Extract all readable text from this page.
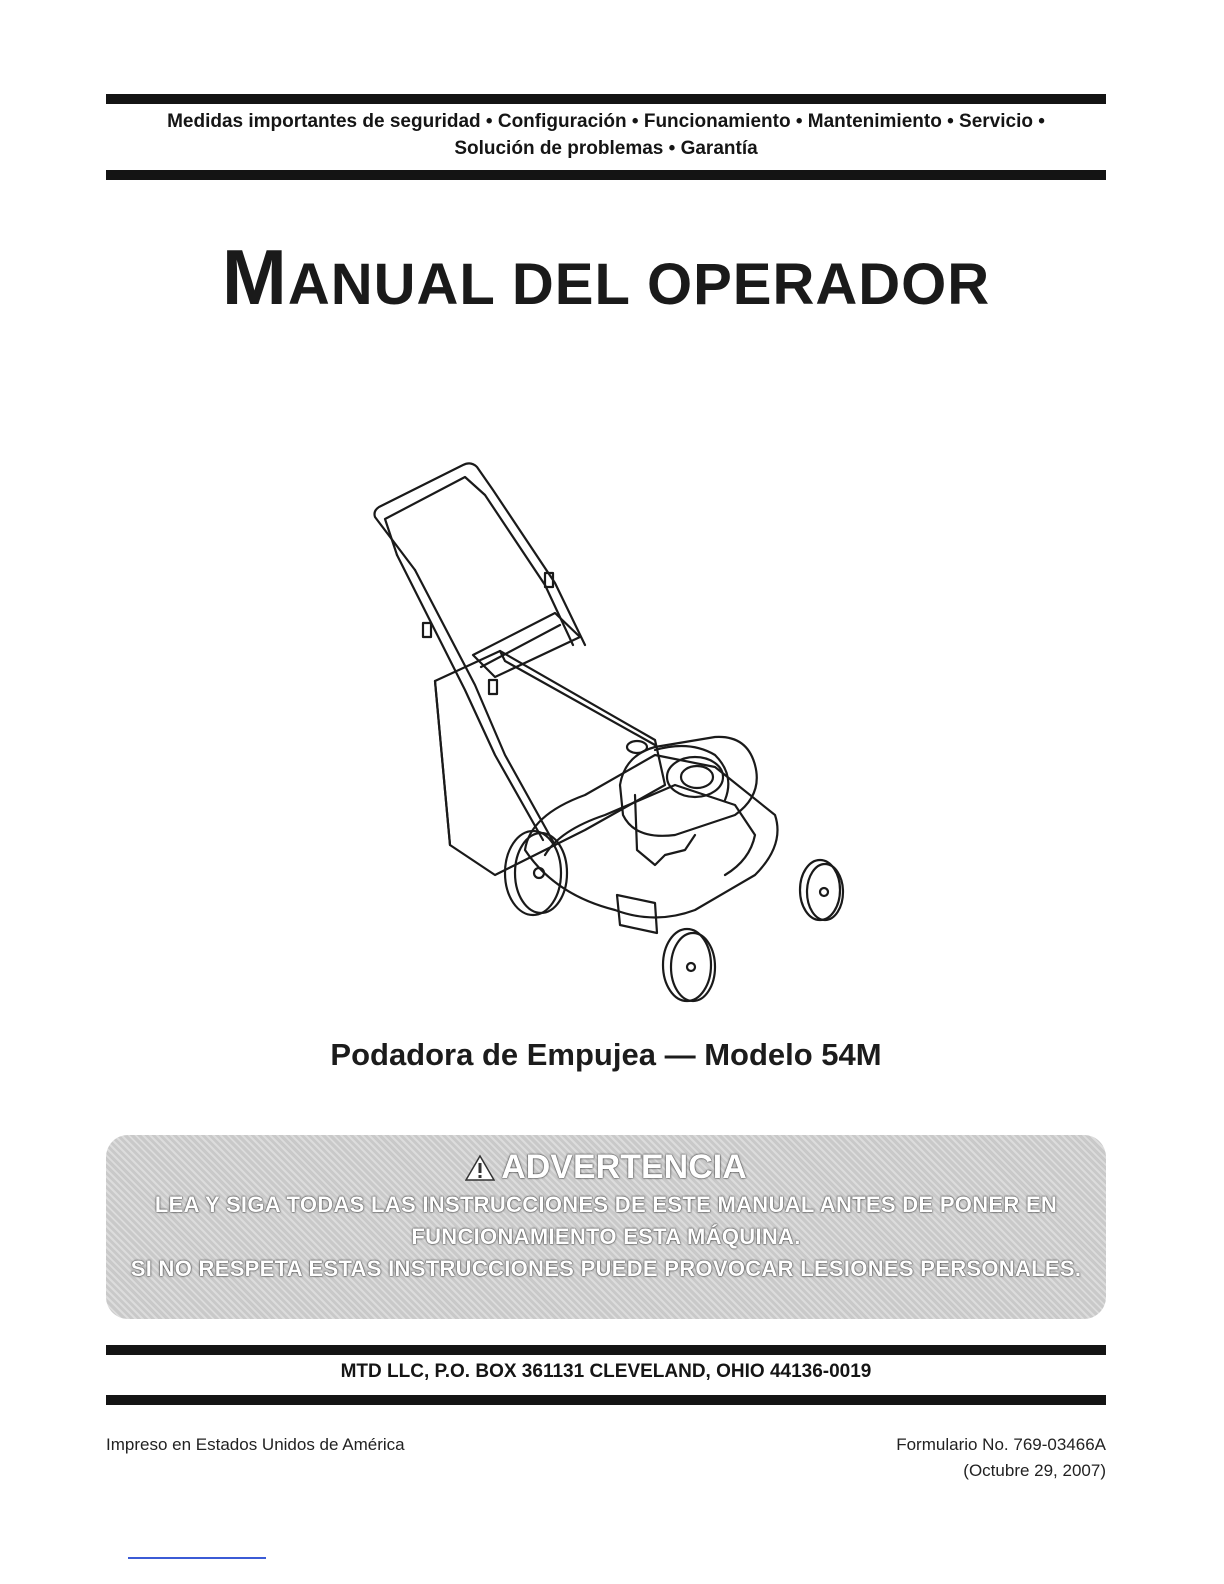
Medidas importantes de seguridad • Configuración • Funcionamiento • Mantenimiento • Servicio •
Solución de problemas • Garantía
MANUAL DEL OPERADOR
Podadora de Empujea — Modelo 54M
ADVERTENCIA
LEA Y SIGA TODAS LAS INSTRUCCIONES DE ESTE MANUAL ANTES DE PONER EN
FUNCIONAMIENTO ESTA MÁQUINA.
SI NO RESPETA ESTAS INSTRUCCIONES PUEDE PROVOCAR LESIONES PERSONALES.
MTD LLC, P.O. BOX 361131 CLEVELAND, OHIO 44136-0019
Impreso en Estados Unidos de América	Formulario No. 769-03466A
(Octubre 29, 2007)
